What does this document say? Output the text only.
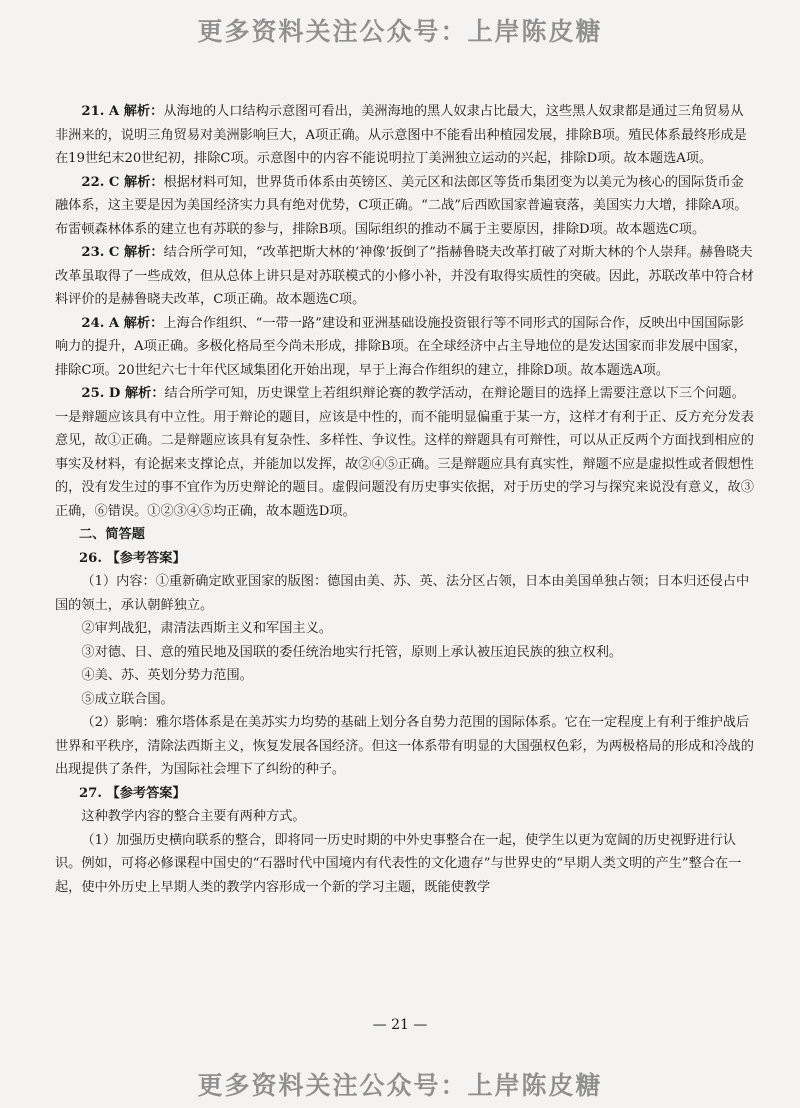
更多资料关注公众号：上岸陈皮糖

21. A 解析：从海地的人口结构示意图可看出，美洲海地的黑人奴隶占比最大，这些黑人奴隶都是通过三角贸易从非洲来的，说明三角贸易对美洲影响巨大，A项正确。从示意图中不能看出种植园发展，排除B项。殖民体系最终形成是在19世纪末20世纪初，排除C项。示意图中的内容不能说明拉丁美洲独立运动的兴起，排除D项。故本题选A项。

22. C 解析：根据材料可知，世界货币体系由英镑区、美元区和法郎区等货币集团变为以美元为核心的国际货币金融体系，这主要是因为美国经济实力具有绝对优势，C项正确。“二战”后西欧国家普遍衰落，美国实力大增，排除A项。布雷顿森林体系的建立也有苏联的参与，排除B项。国际组织的推动不属于主要原因，排除D项。故本题选C项。

23. C 解析：结合所学可知，“改革把斯大林的‘神像’扳倒了”指赫鲁晓夫改革打破了对斯大林的个人崇拜。赫鲁晓夫改革虽取得了一些成效，但从总体上讲只是对苏联模式的小修小补，并没有取得实质性的突破。因此，苏联改革中符合材料评价的是赫鲁晓夫改革，C项正确。故本题选C项。

24. A 解析：上海合作组织、“一带一路”建设和亚洲基础设施投资银行等不同形式的国际合作，反映出中国国际影响力的提升，A项正确。多极化格局至今尚未形成，排除B项。在全球经济中占主导地位的是发达国家而非发展中国家，排除C项。20世纪六七十年代区域集团化开始出现，早于上海合作组织的建立，排除D项。故本题选A项。

25. D 解析：结合所学可知，历史课堂上若组织辩论赛的教学活动，在辩论题目的选择上需要注意以下三个问题。一是辩题应该具有中立性。用于辩论的题目，应该是中性的，而不能明显偏重于某一方，这样才有利于正、反方充分发表意见，故①正确。二是辩题应该具有复杂性、多样性、争议性。这样的辩题具有可辩性，可以从正反两个方面找到相应的事实及材料，有论据来支撑论点，并能加以发挥，故②④⑤正确。三是辩题应具有真实性，辩题不应是虚拟性或者假想性的，没有发生过的事不宜作为历史辩论的题目。虚假问题没有历史事实依据，对于历史的学习与探究来说没有意义，故③正确，⑥错误。①②③④⑤均正确，故本题选D项。

二、简答题

26. 【参考答案】

（1）内容：①重新确定欧亚国家的版图：德国由美、苏、英、法分区占领，日本由美国单独占领；日本归还侵占中国的领土，承认朝鲜独立。

②审判战犯，肃清法西斯主义和军国主义。

③对德、日、意的殖民地及国联的委任统治地实行托管，原则上承认被压迫民族的独立权利。

④美、苏、英划分势力范围。

⑤成立联合国。

（2）影响：雅尔塔体系是在美苏实力均势的基础上划分各自势力范围的国际体系。它在一定程度上有利于维护战后世界和平秩序，清除法西斯主义，恢复发展各国经济。但这一体系带有明显的大国强权色彩，为两极格局的形成和冷战的出现提供了条件，为国际社会埋下了纠纷的种子。

27. 【参考答案】

这种教学内容的整合主要有两种方式。

（1）加强历史横向联系的整合，即将同一历史时期的中外史事整合在一起，使学生以更为宽阔的历史视野进行认识。例如，可将必修课程中国史的“石器时代中国境内有代表性的文化遗存”与世界史的“早期人类文明的产生”整合在一起，使中外历史上早期人类的教学内容形成一个新的学习主题，既能使教学

— 21 —
更多资料关注公众号：上岸陈皮糖
